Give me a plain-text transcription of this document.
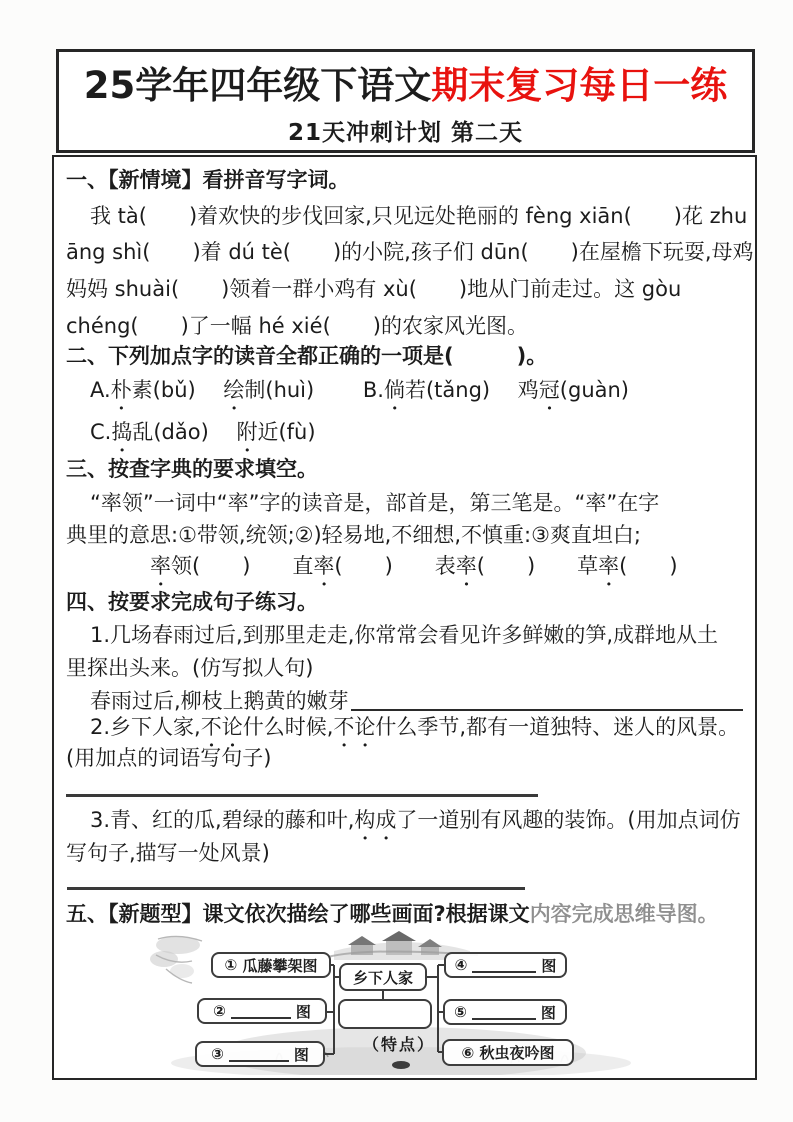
25学年四年级下语文期末复习每日一练
21天冲刺计划 第二天
一、【新情境】看拼音写字词。
我 tà(　　)着欢快的步伐回家,只见远处艳丽的 fèng xiān(　　)花 zhu
āng shì(　　)着 dú tè(　　)的小院,孩子们 dūn(　　)在屋檐下玩耍,母鸡
妈妈 shuài(　　)领着一群小鸡有 xù(　　)地从门前走过。这 gòu
chéng(　　)了一幅 hé xié(　　)的农家风光图。
二、下列加点字的读音全都正确的一项是(　　　)。
A.朴素(bǔ)　 绘制(huì)　　 B.倘若(tǎng)　 鸡冠(guàn)
C.捣乱(dǎo)　 附近(fù)
三、按查字典的要求填空。
“率领”一词中“率”字的读音是，部首是，第三笔是。“率”在字
典里的意思:①带领,统领;②)轻易地,不细想,不慎重:③爽直坦白;
率领(　　)　　直率(　　)　　表率(　　)　　草率(　　)
四、按要求完成句子练习。
1.几场春雨过后,到那里走走,你常常会看见许多鲜嫩的笋,成群地从土
里探出头来。(仿写拟人句)
春雨过后,柳枝上鹅黄的嫩芽
2.乡下人家,不论什么时候,不论什么季节,都有一道独特、迷人的风景。
(用加点的词语写句子)
3.青、红的瓜,碧绿的藤和叶,构成了一道别有风趣的装饰。(用加点词仿
写句子,描写一处风景)
五、【新题型】课文依次描绘了哪些画面?根据课文内容完成思维导图。
①
瓜藤攀架图
②	图
③	图
乡下人家
（特点）
④	图
⑤	图
⑥
秋虫夜吟图
